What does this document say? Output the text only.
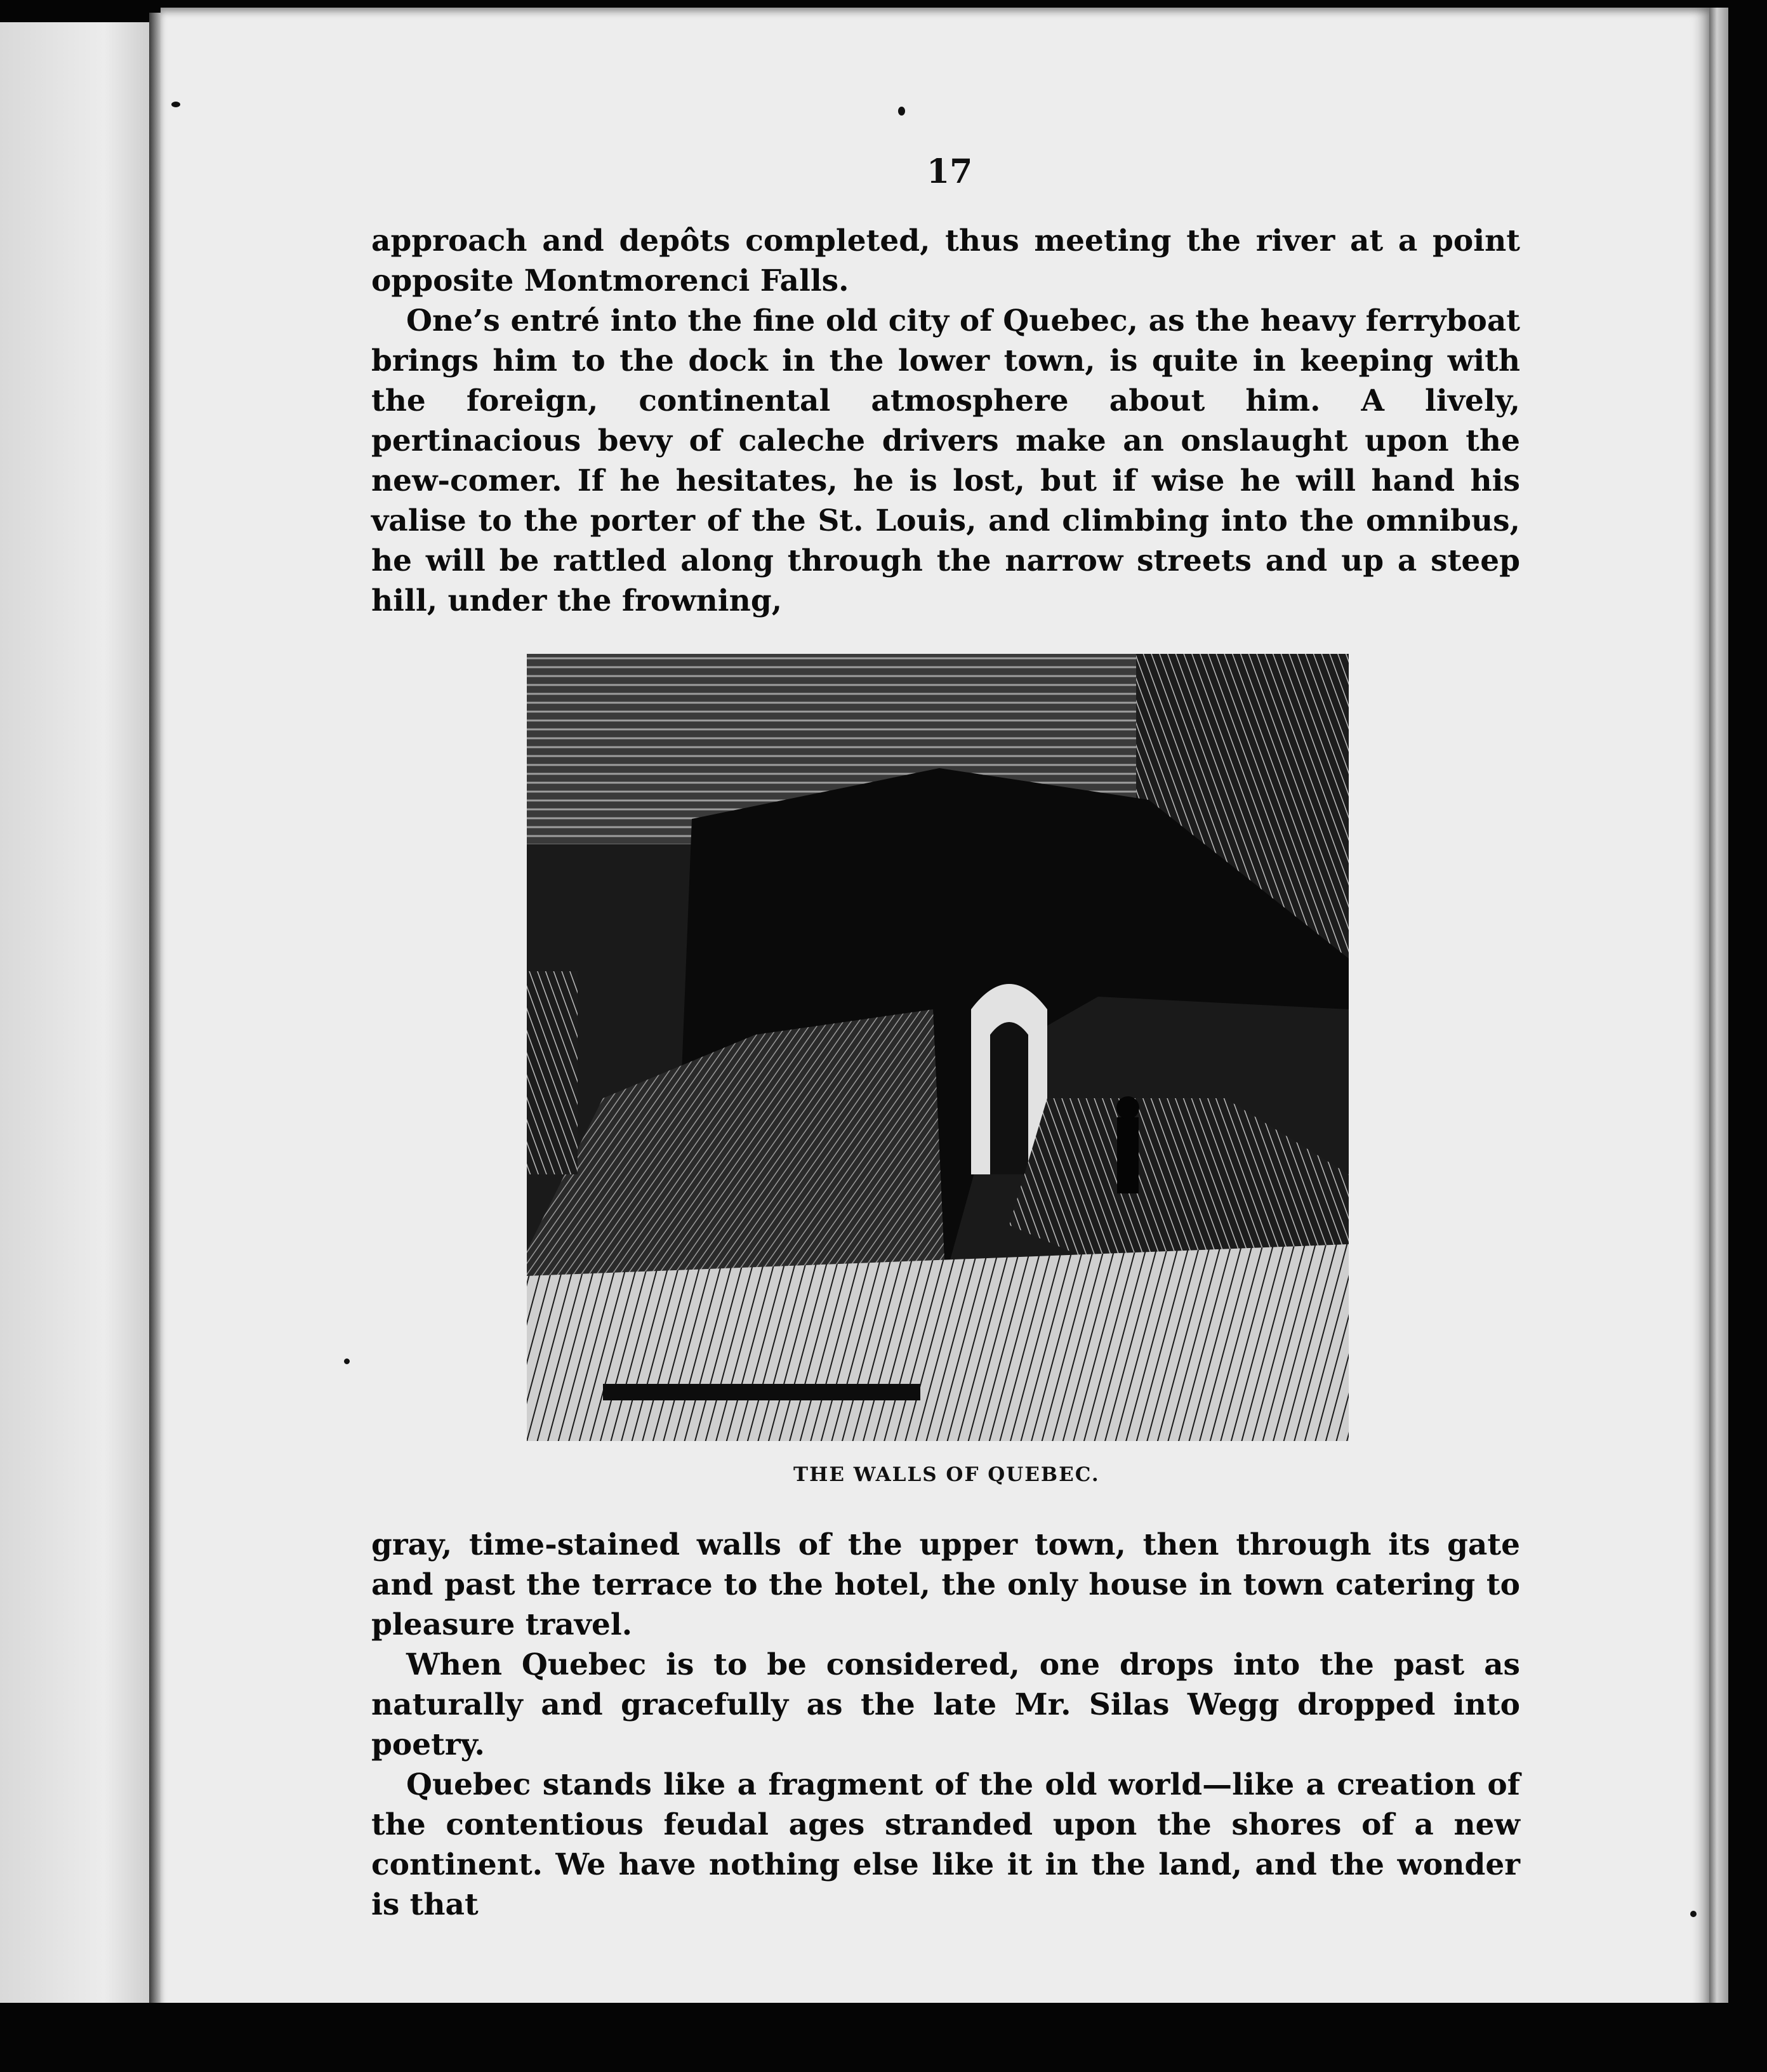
17

approach and depôts completed, thus meeting the river at a point opposite Montmorenci Falls.

One’s entré into the fine old city of Quebec, as the heavy ferryboat brings him to the dock in the lower town, is quite in keeping with the foreign, continental atmosphere about him. A lively, pertinacious bevy of caleche drivers make an onslaught upon the new-comer. If he hesitates, he is lost, but if wise he will hand his valise to the porter of the St. Louis, and climbing into the omnibus, he will be rattled along through the narrow streets and up a steep hill, under the frowning,

THE WALLS OF QUEBEC.

gray, time-stained walls of the upper town, then through its gate and past the terrace to the hotel, the only house in town catering to pleasure travel.

When Quebec is to be considered, one drops into the past as naturally and gracefully as the late Mr. Silas Wegg dropped into poetry.

Quebec stands like a fragment of the old world—like a creation of the contentious feudal ages stranded upon the shores of a new continent. We have nothing else like it in the land, and the wonder is that
